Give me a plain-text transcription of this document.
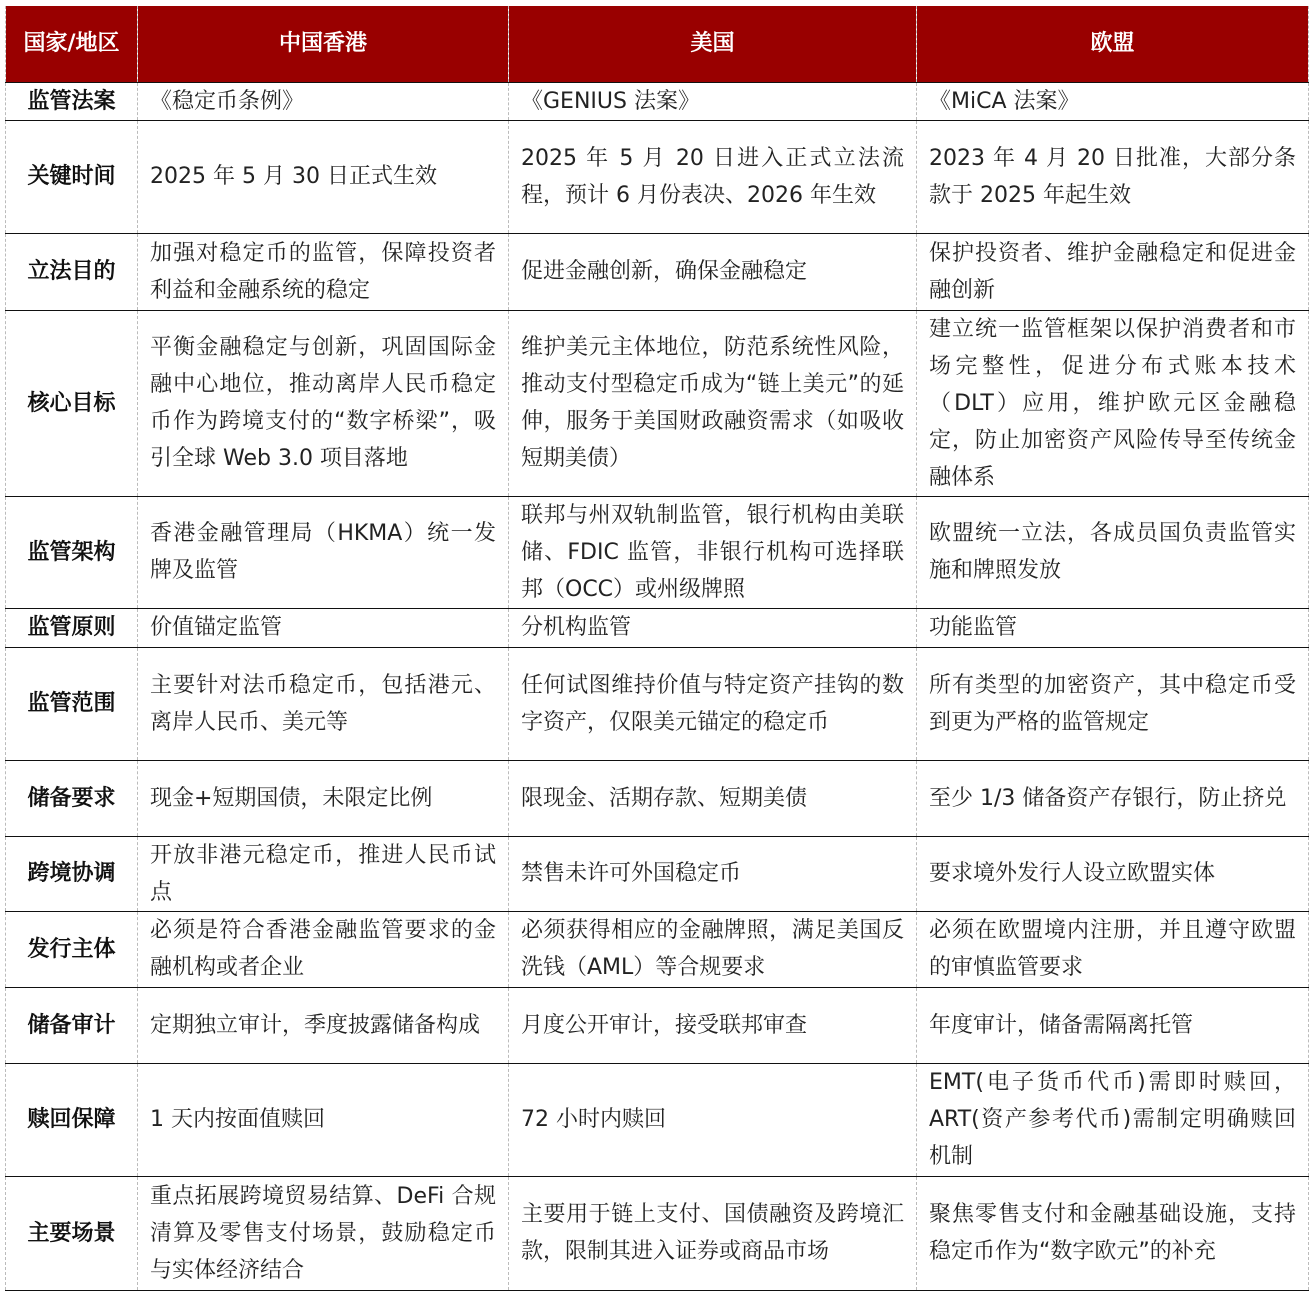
国家/地区	中国香港	美国	欧盟
监管法案	《稳定币条例》	《GENIUS 法案》	《MiCA 法案》
关键时间	2025 年 5 月 30 日正式生效	2025 年 5 月 20 日进入正式立法流程，预计 6 月份表决、2026 年生效	2023 年 4 月 20 日批准，大部分条款于 2025 年起生效
立法目的	加强对稳定币的监管，保障投资者利益和金融系统的稳定	促进金融创新，确保金融稳定	保护投资者、维护金融稳定和促进金融创新
核心目标	平衡金融稳定与创新，巩固国际金融中心地位，推动离岸人民币稳定币作为跨境支付的“数字桥梁”，吸引全球 Web 3.0 项目落地	维护美元主体地位，防范系统性风险，推动支付型稳定币成为“链上美元”的延伸，服务于美国财政融资需求（如吸收短期美债）	建立统一监管框架以保护消费者和市场完整性，促进分布式账本技术（DLT）应用，维护欧元区金融稳定，防止加密资产风险传导至传统金融体系
监管架构	香港金融管理局（HKMA）统一发牌及监管	联邦与州双轨制监管，银行机构由美联储、FDIC 监管，非银行机构可选择联邦（OCC）或州级牌照	欧盟统一立法，各成员国负责监管实施和牌照发放
监管原则	价值锚定监管	分机构监管	功能监管
监管范围	主要针对法币稳定币，包括港元、离岸人民币、美元等	任何试图维持价值与特定资产挂钩的数字资产，仅限美元锚定的稳定币	所有类型的加密资产，其中稳定币受到更为严格的监管规定
储备要求	现金+短期国债，未限定比例	限现金、活期存款、短期美债	至少 1/3 储备资产存银行，防止挤兑
跨境协调	开放非港元稳定币，推进人民币试点	禁售未许可外国稳定币	要求境外发行人设立欧盟实体
发行主体	必须是符合香港金融监管要求的金融机构或者企业	必须获得相应的金融牌照，满足美国反洗钱（AML）等合规要求	必须在欧盟境内注册，并且遵守欧盟的审慎监管要求
储备审计	定期独立审计，季度披露储备构成	月度公开审计，接受联邦审查	年度审计，储备需隔离托管
赎回保障	1 天内按面值赎回	72 小时内赎回	EMT(电子货币代币)需即时赎回，ART(资产参考代币)需制定明确赎回机制
主要场景	重点拓展跨境贸易结算、DeFi 合规清算及零售支付场景，鼓励稳定币与实体经济结合	主要用于链上支付、国债融资及跨境汇款，限制其进入证券或商品市场	聚焦零售支付和金融基础设施，支持稳定币作为“数字欧元”的补充
